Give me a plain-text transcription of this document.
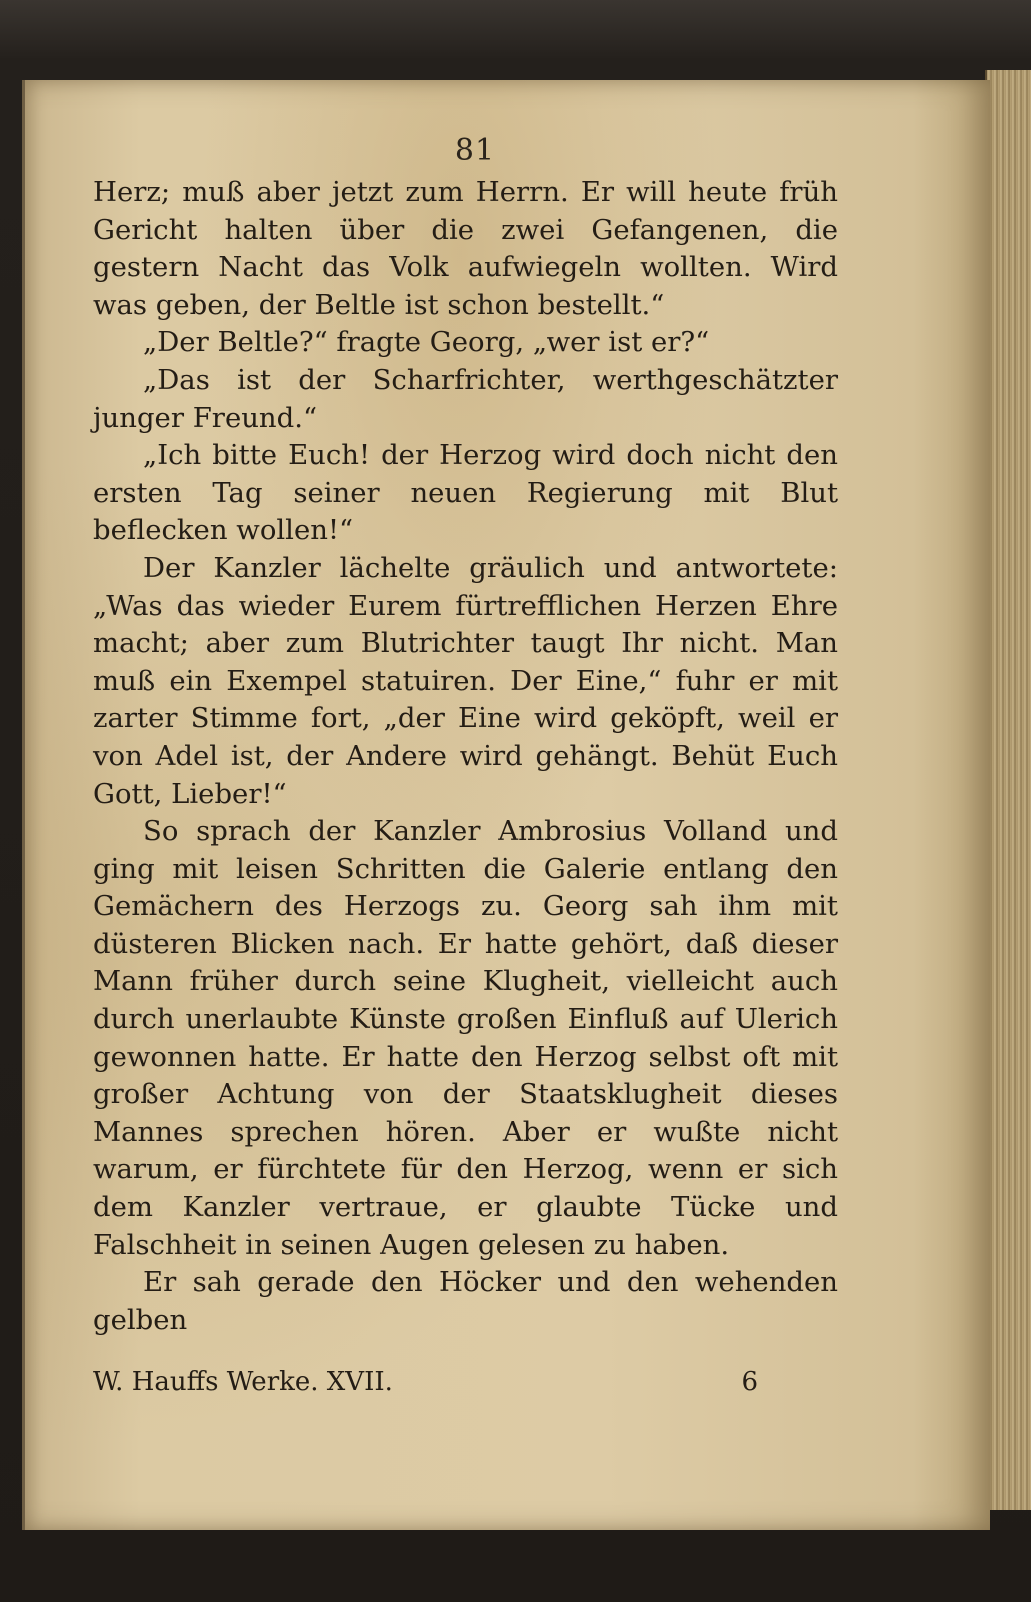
81

Herz; muß aber jetzt zum Herrn. Er will heute früh Gericht halten über die zwei Gefangenen, die gestern Nacht das Volk aufwiegeln wollten. Wird was geben, der Beltle ist schon bestellt.“

„Der Beltle?“ fragte Georg, „wer ist er?“

„Das ist der Scharfrichter, werthgeschätzter junger Freund.“

„Ich bitte Euch! der Herzog wird doch nicht den ersten Tag seiner neuen Regierung mit Blut beflecken wollen!“

Der Kanzler lächelte gräulich und antwortete: „Was das wieder Eurem fürtrefflichen Herzen Ehre macht; aber zum Blutrichter taugt Ihr nicht. Man muß ein Exempel statuiren. Der Eine,“ fuhr er mit zarter Stimme fort, „der Eine wird geköpft, weil er von Adel ist, der Andere wird gehängt. Behüt Euch Gott, Lieber!“

So sprach der Kanzler Ambrosius Volland und ging mit leisen Schritten die Galerie entlang den Gemächern des Herzogs zu. Georg sah ihm mit düsteren Blicken nach. Er hatte gehört, daß dieser Mann früher durch seine Klugheit, vielleicht auch durch unerlaubte Künste großen Einfluß auf Ulerich gewonnen hatte. Er hatte den Herzog selbst oft mit großer Achtung von der Staatsklugheit dieses Mannes sprechen hören. Aber er wußte nicht warum, er fürchtete für den Herzog, wenn er sich dem Kanzler vertraue, er glaubte Tücke und Falschheit in seinen Augen gelesen zu haben.

Er sah gerade den Höcker und den wehenden gelben

W. Hauffs Werke. XVII.	6
